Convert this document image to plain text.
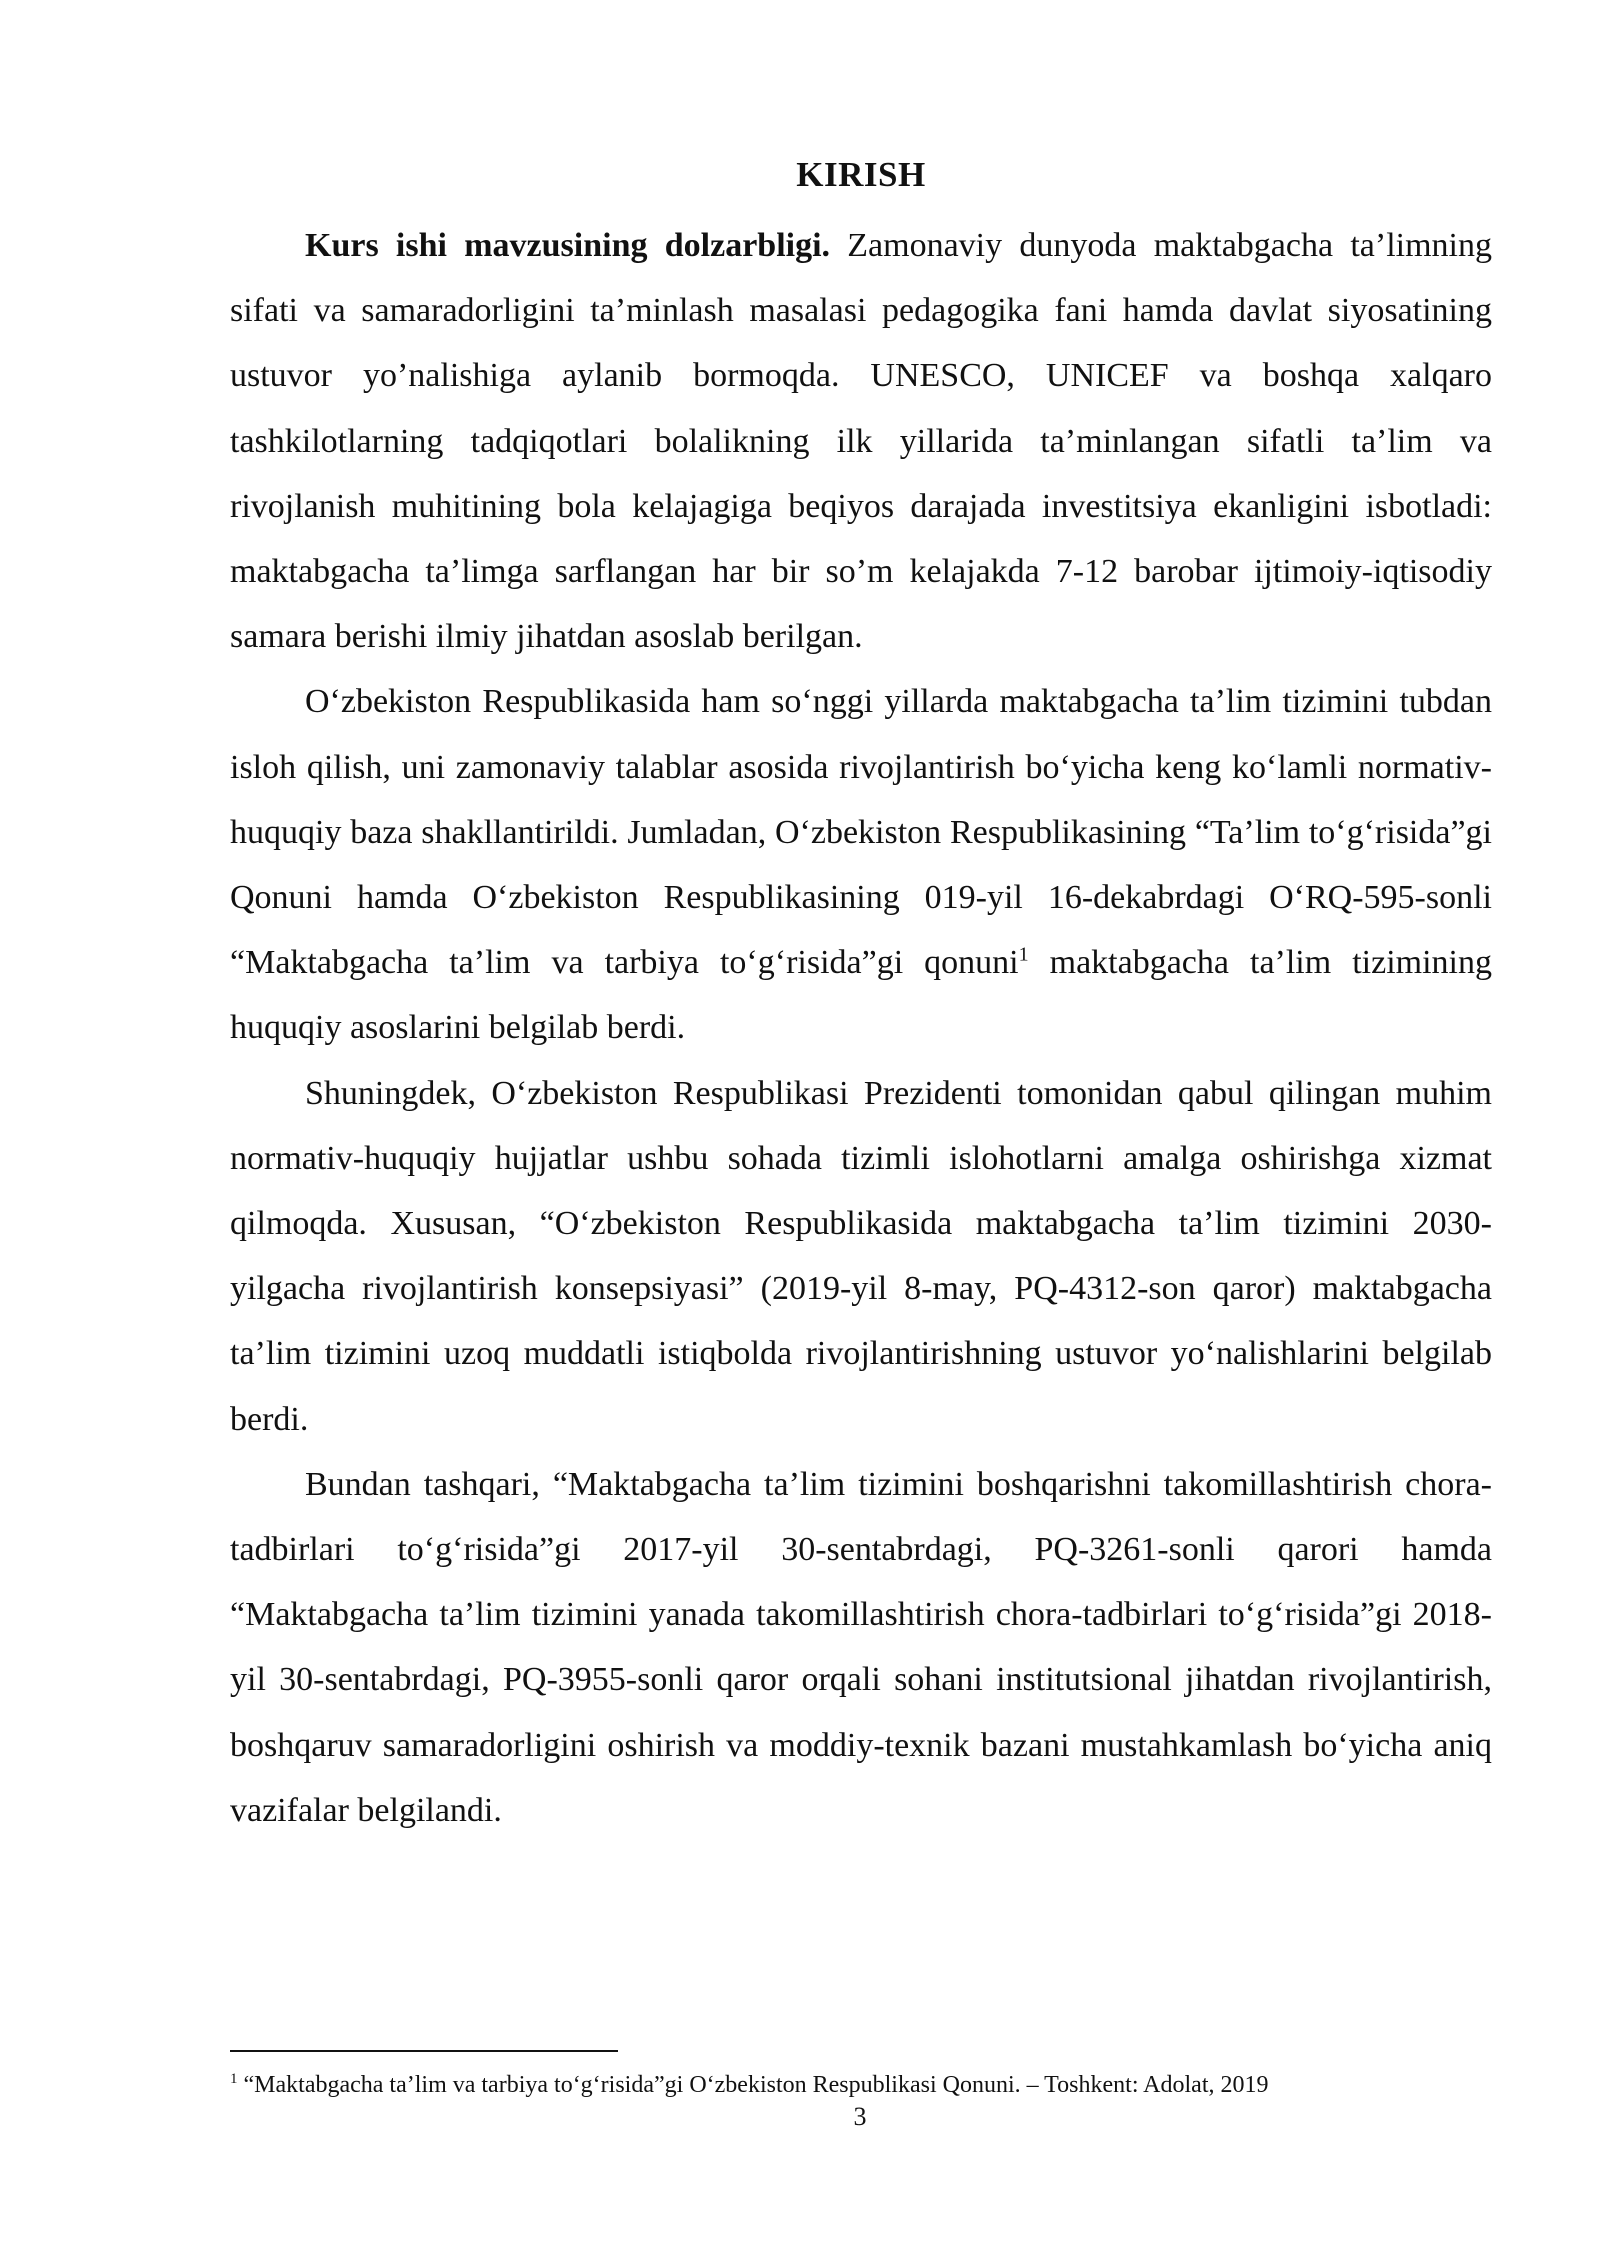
KIRISH

Kurs ishi mavzusining dolzarbligi. Zamonaviy dunyoda maktabgacha ta’limning sifati va samaradorligini ta’minlash masalasi pedagogika fani hamda davlat siyosatining ustuvor yo’nalishiga aylanib bormoqda. UNESCO, UNICEF va boshqa xalqaro tashkilotlarning tadqiqotlari bolalikning ilk yillarida ta’minlangan sifatli ta’lim va rivojlanish muhitining bola kelajagiga beqiyos darajada investitsiya ekanligini isbotladi: maktabgacha ta’limga sarflangan har bir so’m kelajakda 7-12 barobar ijtimoiy-iqtisodiy samara berishi ilmiy jihatdan asoslab berilgan.

O‘zbekiston Respublikasida ham so‘nggi yillarda maktabgacha ta’lim tizimini tubdan isloh qilish, uni zamonaviy talablar asosida rivojlantirish bo‘yicha keng ko‘lamli normativ-huquqiy baza shakllantirildi. Jumladan, O‘zbekiston Respublikasining “Ta’lim to‘g‘risida”gi Qonuni hamda O‘zbekiston Respublikasining 019-yil 16-dekabrdagi O‘RQ-595-sonli “Maktabgacha ta’lim va tarbiya to‘g‘risida”gi qonuni$^1$ maktabgacha ta’lim tizimining huquqiy asoslarini belgilab berdi.

Shuningdek, O‘zbekiston Respublikasi Prezidenti tomonidan qabul qilingan muhim normativ-huquqiy hujjatlar ushbu sohada tizimli islohotlarni amalga oshirishga xizmat qilmoqda. Xususan, “O‘zbekiston Respublikasida maktabgacha ta’lim tizimini 2030-yilgacha rivojlantirish konsepsiyasi” (2019-yil 8-may, PQ-4312-son qaror) maktabgacha ta’lim tizimini uzoq muddatli istiqbolda rivojlantirishning ustuvor yo‘nalishlarini belgilab berdi.

Bundan tashqari, “Maktabgacha ta’lim tizimini boshqarishni takomillashtirish chora-tadbirlari to‘g‘risida”gi 2017-yil 30-sentabrdagi, PQ-3261-sonli qarori hamda “Maktabgacha ta’lim tizimini yanada takomillashtirish chora-tadbirlari to‘g‘risida”gi 2018-yil 30-sentabrdagi, PQ-3955-sonli qaror orqali sohani institutsional jihatdan rivojlantirish, boshqaruv samaradorligini oshirish va moddiy-texnik bazani mustahkamlash bo‘yicha aniq vazifalar belgilandi.

$^1$ “Maktabgacha ta’lim va tarbiya to‘g‘risida”gi O‘zbekiston Respublikasi Qonuni. – Toshkent: Adolat, 2019
3
